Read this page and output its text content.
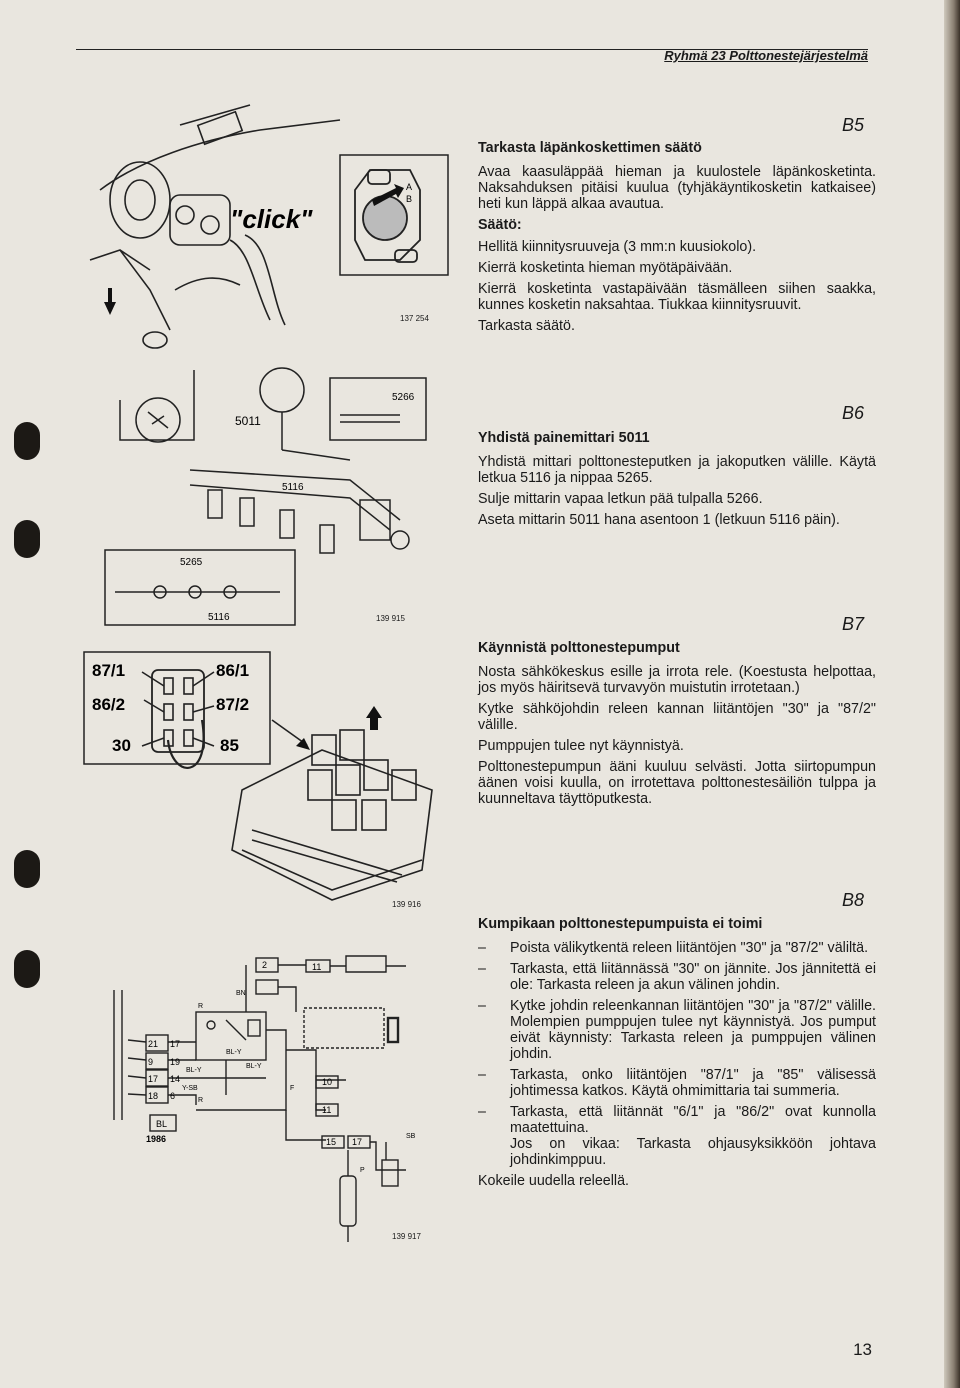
Ryhmä 23 Polttonestejärjestelmä
"click"
A
B
137 254
5011
5266
5116
5265
5116	139 915
87/1	86/1
86/2	87/2
30	85
139 916
21
9
17
18
17
19
14
6
BL
1986
2	11
10
11
15 17
R
BN
BL-Y
Y-SB
SB
P
F
R
BL-Y
BL-Y
139 917
B5
Tarkasta läpänkoskettimen säätö

Avaa kaasuläppää hieman ja kuulostele läpänkosketinta. Naksahduksen pitäisi kuulua (tyhjäkäyntikosketin katkaisee) heti kun läppä alkaa avautua.

Säätö:

Hellitä kiinnitysruuveja (3 mm:n kuusiokolo).

Kierrä kosketinta hieman myötäpäivään.

Kierrä kosketinta vastapäivään täsmälleen siihen saakka, kunnes kosketin naksahtaa. Tiukkaa kiinnitysruuvit.

Tarkasta säätö.

B6
Yhdistä painemittari 5011

Yhdistä mittari polttonesteputken ja jakoputken välille. Käytä letkua 5116 ja nippaa 5265.

Sulje mittarin vapaa letkun pää tulpalla 5266.

Aseta mittarin 5011 hana asentoon 1 (letkuun 5116 päin).

B7
Käynnistä polttonestepumput

Nosta sähkökeskus esille ja irrota rele. (Koestusta helpottaa, jos myös häiritsevä turvavyön muistutin irrotetaan.)

Kytke sähköjohdin releen kannan liitäntöjen "30" ja "87/2" välille.

Pumppujen tulee nyt käynnistyä.

Polttonestepumpun ääni kuuluu selvästi. Jotta siirtopumpun äänen voisi kuulla, on irrotettava polttonestesäiliön tulppa ja kuunneltava täyttöputkesta.

B8
Kumpikaan polttonestepumpuista ei toimi
– Poista välikytkentä releen liitäntöjen "30" ja "87/2" väliltä.
– Tarkasta, että liitännässä "30" on jännite. Jos jännitettä ei ole: Tarkasta releen ja akun välinen johdin.
– Kytke johdin releenkannan liitäntöjen "30" ja "87/2" välille. Molempien pumppujen tulee nyt käynnistyä. Jos pumput eivät käynnisty: Tarkasta releen ja pumppujen välinen johdin.
– Tarkasta, onko liitäntöjen "87/1" ja "85" välisessä johtimessa katkos. Käytä ohmimittaria tai summeria.
– Tarkasta, että liitännät "6/1" ja "86/2" ovat kunnolla maatettuina.
Jos on vikaa: Tarkasta ohjausyksikköön johtava johdinkimppuu.

Kokeile uudella releellä.

13
